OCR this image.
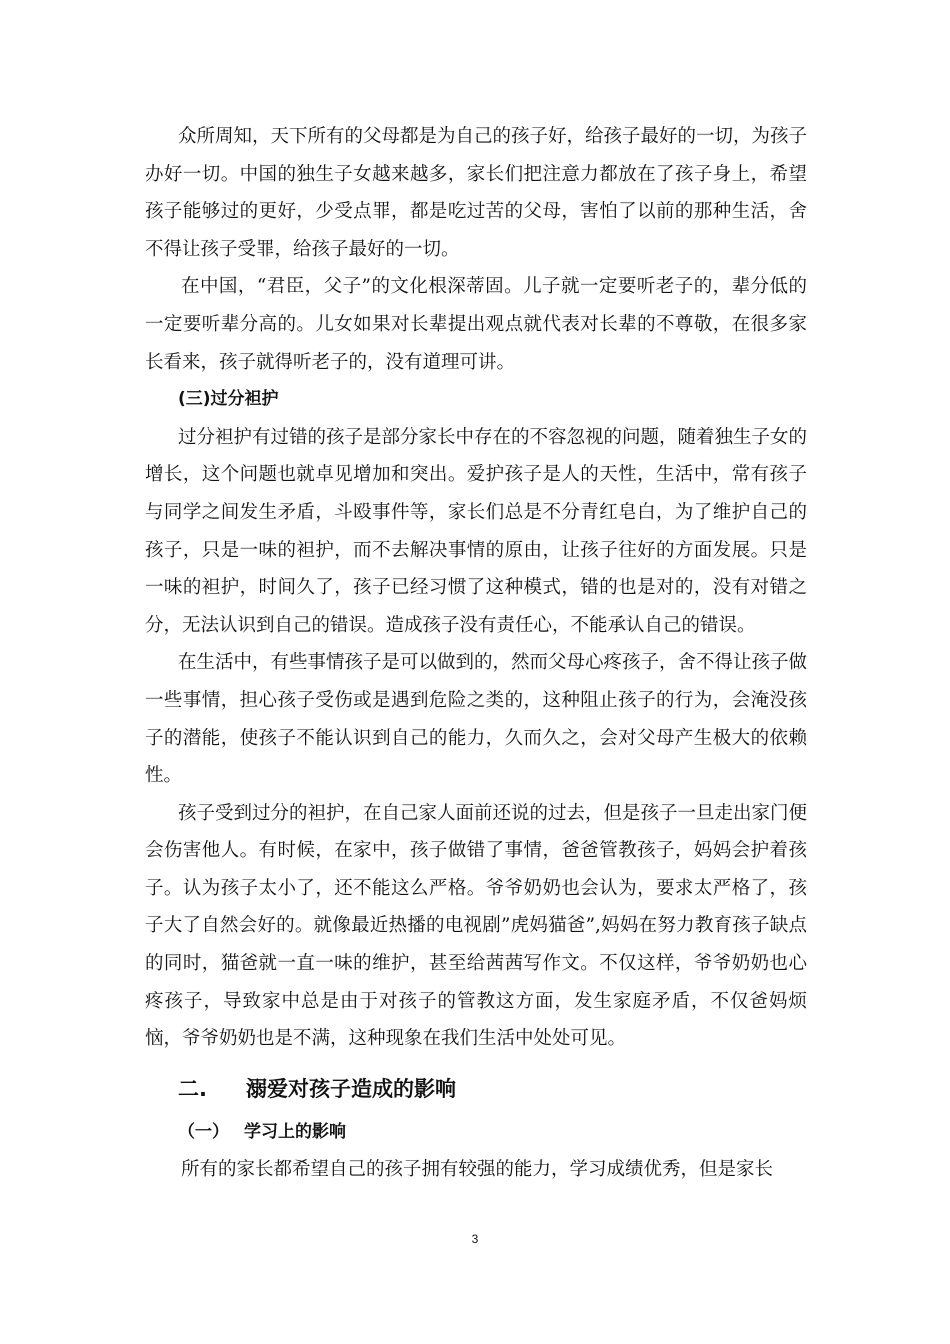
众所周知，天下所有的父母都是为自己的孩子好，给孩子最好的一切，为孩子办好一切。中国的独生子女越来越多，家长们把注意力都放在了孩子身上，希望孩子能够过的更好，少受点罪，都是吃过苦的父母，害怕了以前的那种生活，舍不得让孩子受罪，给孩子最好的一切。

在中国，“君臣，父子”的文化根深蒂固。儿子就一定要听老子的，辈分低的一定要听辈分高的。儿女如果对长辈提出观点就代表对长辈的不尊敬，在很多家长看来，孩子就得听老子的，没有道理可讲。

(三)过分袒护

过分袒护有过错的孩子是部分家长中存在的不容忽视的问题，随着独生子女的增长，这个问题也就卓见增加和突出。爱护孩子是人的天性，生活中，常有孩子与同学之间发生矛盾，斗殴事件等，家长们总是不分青红皂白，为了维护自己的孩子，只是一味的袒护，而不去解决事情的原由，让孩子往好的方面发展。只是一味的袒护，时间久了，孩子已经习惯了这种模式，错的也是对的，没有对错之分，无法认识到自己的错误。造成孩子没有责任心，不能承认自己的错误。

在生活中，有些事情孩子是可以做到的，然而父母心疼孩子，舍不得让孩子做一些事情，担心孩子受伤或是遇到危险之类的，这种阻止孩子的行为，会淹没孩子的潜能，使孩子不能认识到自己的能力，久而久之，会对父母产生极大的依赖性。

孩子受到过分的袒护，在自己家人面前还说的过去，但是孩子一旦走出家门便会伤害他人。有时候，在家中，孩子做错了事情，爸爸管教孩子，妈妈会护着孩子。认为孩子太小了，还不能这么严格。爷爷奶奶也会认为，要求太严格了，孩子大了自然会好的。就像最近热播的电视剧”虎妈猫爸”,妈妈在努力教育孩子缺点的同时，猫爸就一直一味的维护，甚至给茜茜写作文。不仅这样，爷爷奶奶也心疼孩子，导致家中总是由于对孩子的管教这方面，发生家庭矛盾，不仅爸妈烦恼，爷爷奶奶也是不满，这种现象在我们生活中处处可见。

二. 溺爱对孩子造成的影响

（一） 学习上的影响

所有的家长都希望自己的孩子拥有较强的能力，学习成绩优秀，但是家长

3
